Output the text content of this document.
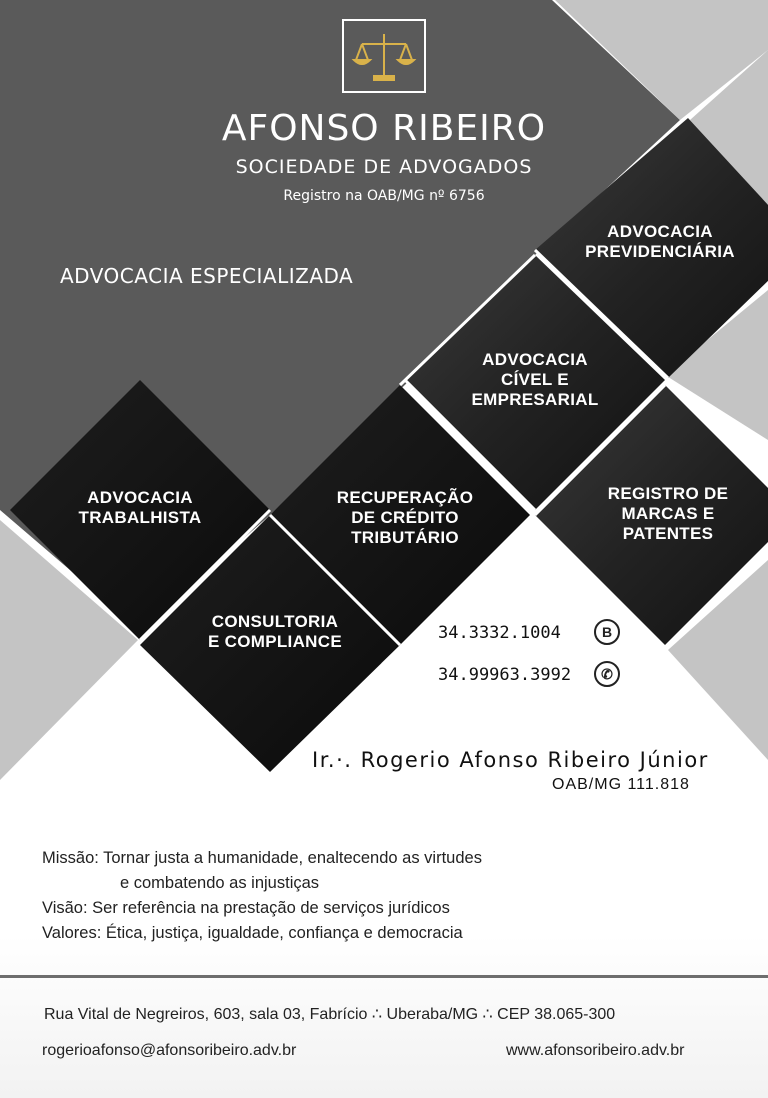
AFONSO RIBEIRO
SOCIEDADE DE ADVOGADOS
Registro na OAB/MG nº 6756
ADVOCACIA ESPECIALIZADA
ADVOCACIA
PREVIDENCIÁRIA
ADVOCACIA
CÍVEL E
EMPRESARIAL
ADVOCACIA
TRABALHISTA
RECUPERAÇÃO
DE CRÉDITO
TRIBUTÁRIO
REGISTRO DE
MARCAS E
PATENTES
CONSULTORIA
E COMPLIANCE	34.3332.1004	B
34.99963.3992	✆
Ir.·. Rogerio Afonso Ribeiro Júnior
OAB/MG 111.818
Missão: Tornar justa a humanidade, enaltecendo as virtudes
e combatendo as injustiças
Visão: Ser referência na prestação de serviços jurídicos
Valores: Ética, justiça, igualdade, confiança e democracia
Rua Vital de Negreiros, 603, sala 03, Fabrício ∴ Uberaba/MG ∴ CEP 38.065-300
rogerioafonso@afonsoribeiro.adv.br	www.afonsoribeiro.adv.br
